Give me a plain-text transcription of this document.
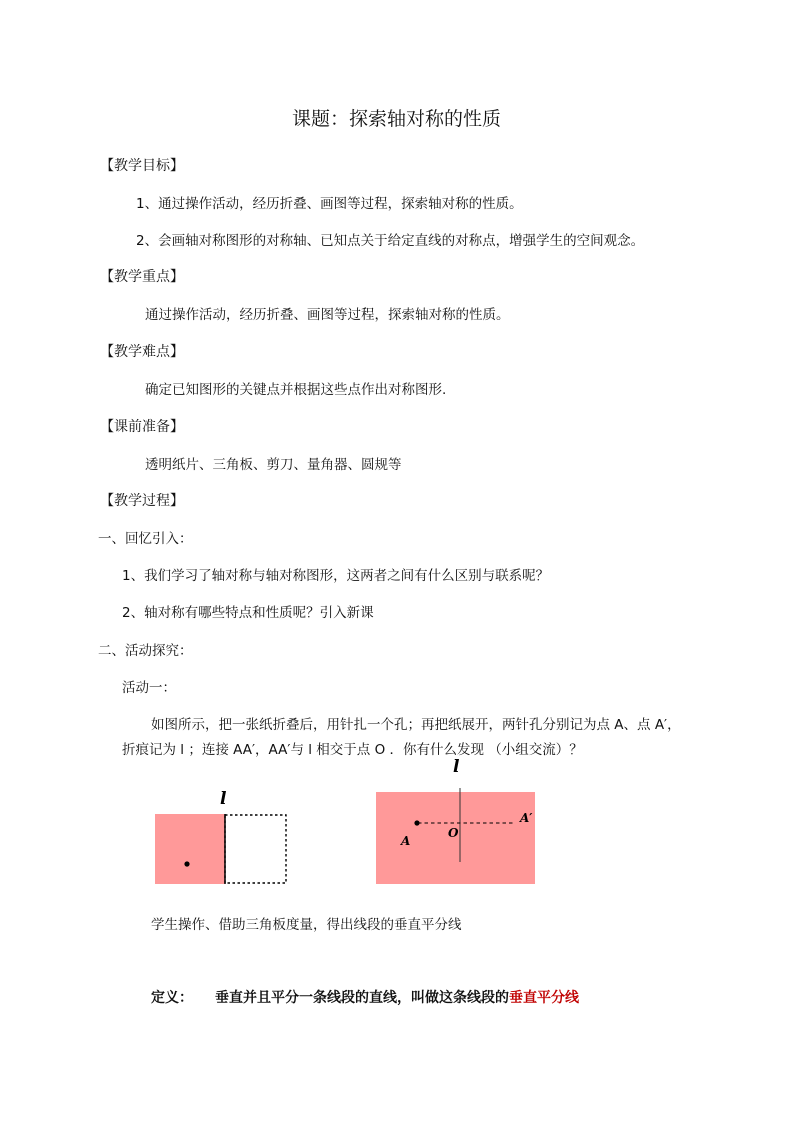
课题：探索轴对称的性质
【教学目标】
1、通过操作活动，经历折叠、画图等过程，探索轴对称的性质。
2、会画轴对称图形的对称轴、已知点关于给定直线的对称点，增强学生的空间观念。
【教学重点】
通过操作活动，经历折叠、画图等过程，探索轴对称的性质。
【教学难点】
确定已知图形的关键点并根据这些点作出对称图形.
【课前准备】
透明纸片、三角板、剪刀、量角器、圆规等
【教学过程】
一、回忆引入：
1、我们学习了轴对称与轴对称图形，这两者之间有什么区别与联系呢？
2、轴对称有哪些特点和性质呢？引入新课
二、活动探究：
活动一：
如图所示，把一张纸折叠后，用针扎一个孔；再把纸展开，两针孔分别记为点 A、点 A′，
折痕记为 l ；连接 AA′，AA′与 l 相交于点 O ．你有什么发现 （小组交流）？
l
l
A
O
A′
学生操作、借助三角板度量，得出线段的垂直平分线
定义： 垂直并且平分一条线段的直线，叫做这条线段的垂直平分线
